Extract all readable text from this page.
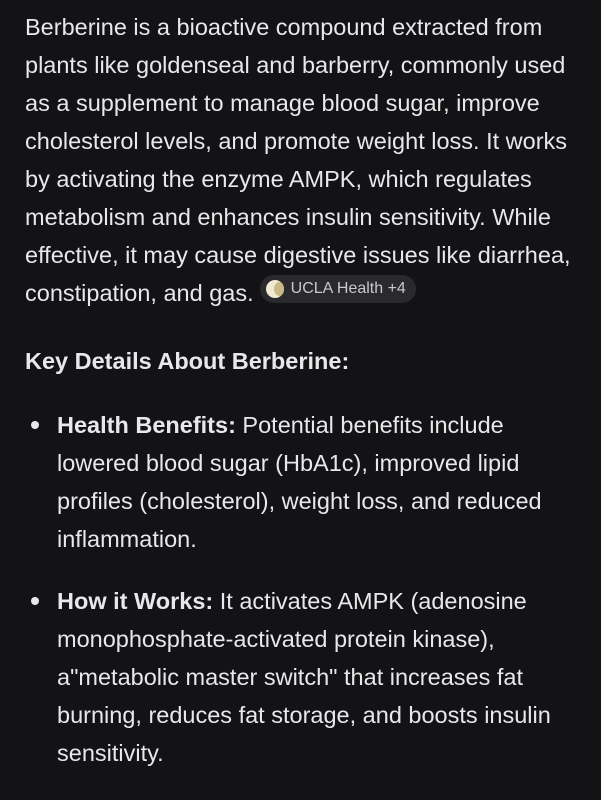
Berberine is a bioactive compound extracted from plants like goldenseal and barberry, commonly used as a supplement to manage blood sugar, improve cholesterol levels, and promote weight loss. It works by activating the enzyme AMPK, which regulates metabolism and enhances insulin sensitivity. While effective, it may cause digestive issues like diarrhea, constipation, and gas. UCLA Health +4

Key Details About Berberine:
Health Benefits: Potential benefits include lowered blood sugar (HbA1c), improved lipid profiles (cholesterol), weight loss, and reduced inflammation.
How it Works: It activates AMPK (adenosine monophosphate-activated protein kinase), a"metabolic master switch" that increases fat burning, reduces fat storage, and boosts insulin sensitivity.
